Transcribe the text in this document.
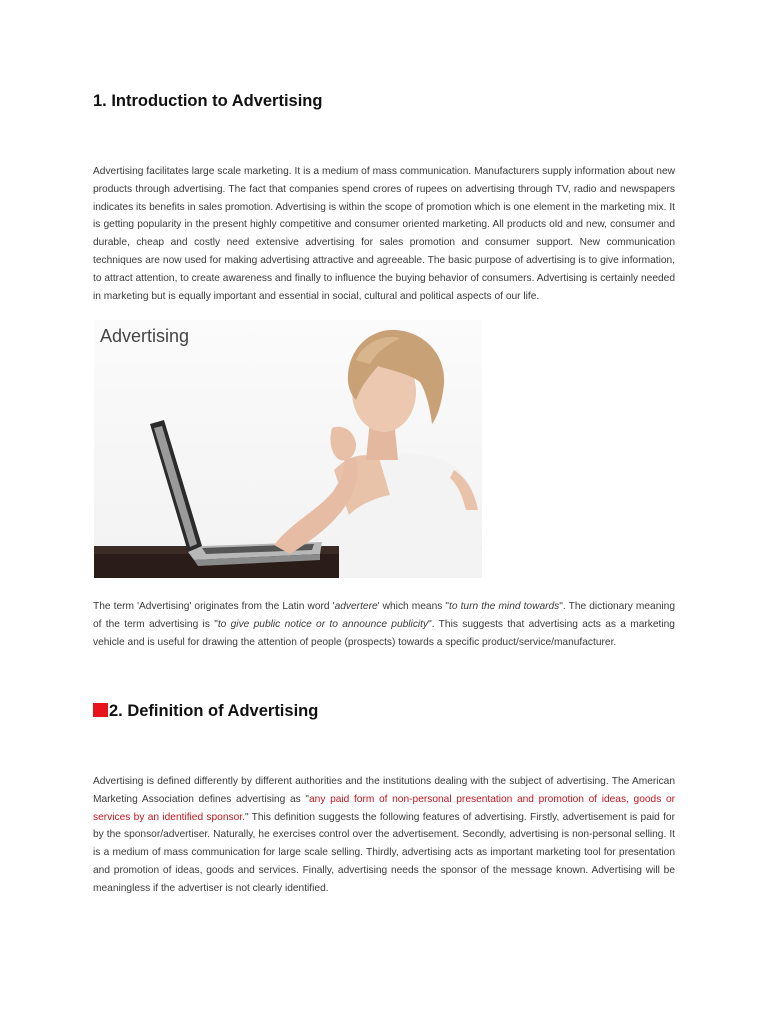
1. Introduction to Advertising

Advertising facilitates large scale marketing. It is a medium of mass communication. Manufacturers supply information about new products through advertising. The fact that companies spend crores of rupees on advertising through TV, radio and newspapers indicates its benefits in sales promotion. Advertising is within the scope of promotion which is one element in the marketing mix. It is getting popularity in the present highly competitive and consumer oriented marketing. All products old and new, consumer and durable, cheap and costly need extensive advertising for sales promotion and consumer support. New communication techniques are now used for making advertising attractive and agreeable. The basic purpose of advertising is to give information, to attract attention, to create awareness and finally to influence the buying behavior of consumers. Advertising is certainly needed in marketing but is equally important and essential in social, cultural and political aspects of our life.

Advertising

The term 'Advertising' originates from the Latin word 'advertere' which means "to turn the mind towards". The dictionary meaning of the term advertising is "to give public notice or to announce publicity". This suggests that advertising acts as a marketing vehicle and is useful for drawing the attention of people (prospects) towards a specific product/service/manufacturer.

2. Definition of Advertising

Advertising is defined differently by different authorities and the institutions dealing with the subject of advertising. The American Marketing Association defines advertising as "any paid form of non-personal presentation and promotion of ideas, goods or services by an identified sponsor." This definition suggests the following features of advertising. Firstly, advertisement is paid for by the sponsor/advertiser. Naturally, he exercises control over the advertisement. Secondly, advertising is non-personal selling. It is a medium of mass communication for large scale selling. Thirdly, advertising acts as important marketing tool for presentation and promotion of ideas, goods and services. Finally, advertising needs the sponsor of the message known. Advertising will be meaningless if the advertiser is not clearly identified.
